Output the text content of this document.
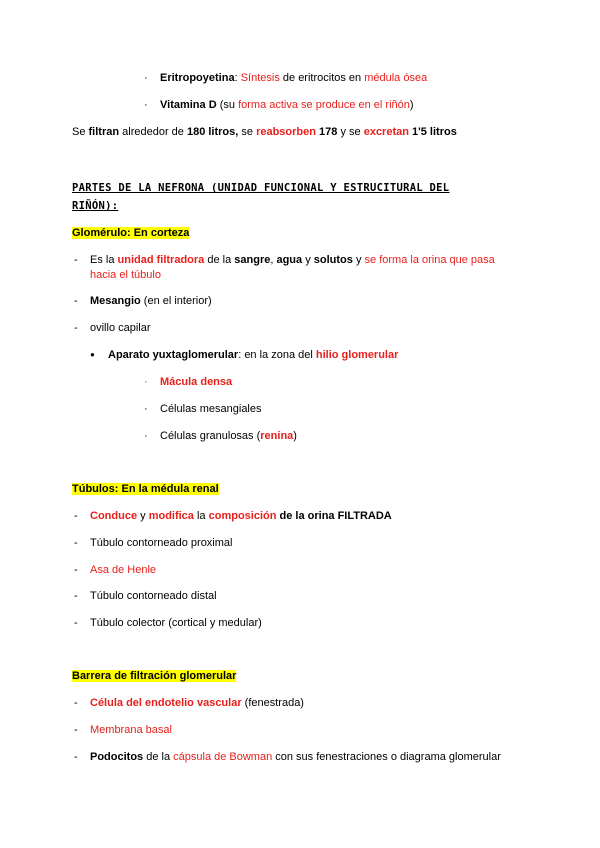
· Eritropoyetina: Síntesis de eritrocitos en médula ósea
· Vitamina D (su forma activa se produce en el riñón)
Se filtran alrededor de 180 litros, se reabsorben 178 y se excretan 1'5 litros
PARTES DE LA NEFRONA (UNIDAD FUNCIONAL Y ESTRUCITURAL DEL
RIÑÓN):
Glomérulo: En corteza
- Es la unidad filtradora de la sangre, agua y solutos y se forma la orina que pasa
hacia el túbulo
- Mesangio (en el interior)
- ovillo capilar
● Aparato yuxtaglomerular: en la zona del hilio glomerular
· Mácula densa
· Células mesangiales
· Células granulosas (renina)
Túbulos: En la médula renal
- Conduce y modifica la composición de la orina FILTRADA
- Túbulo contorneado proximal
- Asa de Henle
- Túbulo contorneado distal
- Túbulo colector (cortical y medular)
Barrera de filtración glomerular
- Célula del endotelio vascular (fenestrada)
- Membrana basal
- Podocitos de la cápsula de Bowman con sus fenestraciones o diagrama glomerular
